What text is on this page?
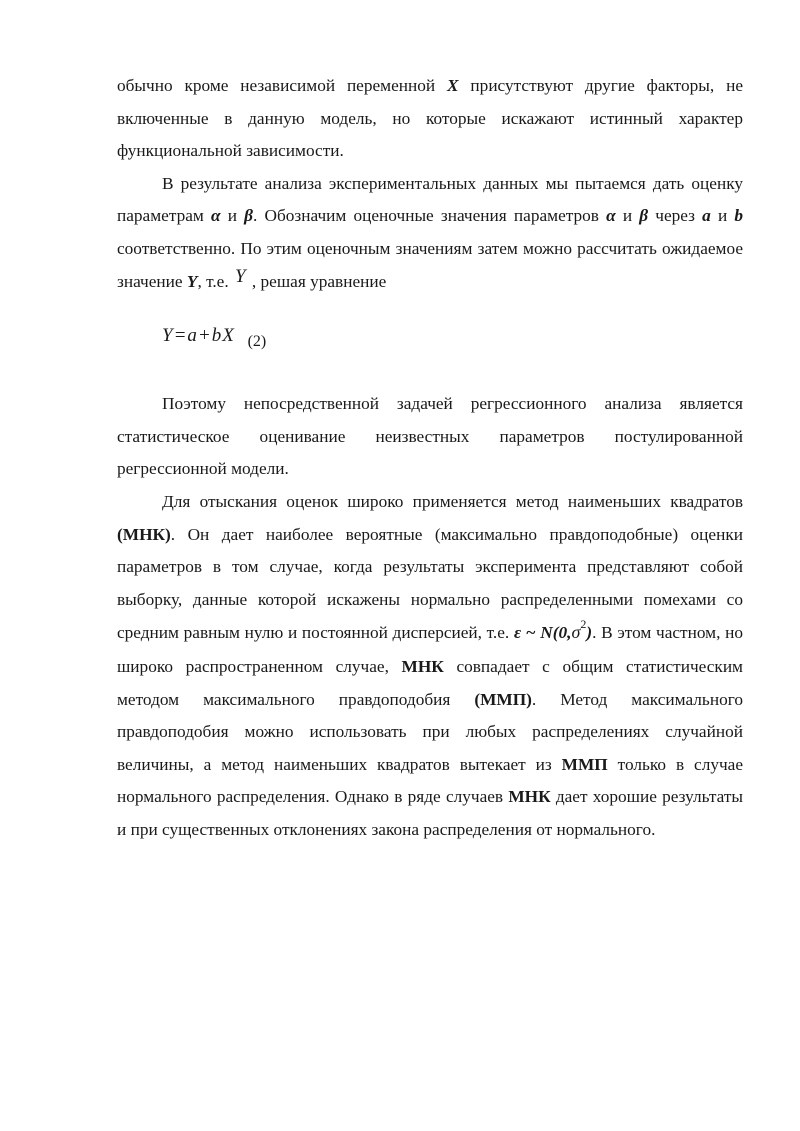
обычно кроме независимой переменной X присутствуют другие факторы, не включенные в данную модель, но которые искажают истинный характер функциональной зависимости.

В результате анализа экспериментальных данных мы пытаемся дать оценку параметрам α и β. Обозначим оценочные значения параметров α и β через a и b соответственно. По этим оценочным значениям затем можно рассчитать ожидаемое значение Y, т.е. Y , решая уравнение

Y=a+bX $_{(2)}$

Поэтому непосредственной задачей регрессионного анализа является статистическое оценивание неизвестных параметров постулированной регрессионной модели.

Для отыскания оценок широко применяется метод наименьших квадратов (МНК). Он дает наиболее вероятные (максимально правдоподобные) оценки параметров в том случае, когда результаты эксперимента представляют собой выборку, данные которой искажены нормально распределенными помехами со средним равным нулю и постоянной дисперсией, т.е. ε ~ $N(0,\sigma^2)$. В этом частном, но широко распространенном случае, МНК совпадает с общим статистическим методом максимального правдоподобия (ММП). Метод максимального правдоподобия можно использовать при любых распределениях случайной величины, а метод наименьших квадратов вытекает из ММП только в случае нормального распределения. Однако в ряде случаев МНК дает хорошие результаты и при существенных отклонениях закона распределения от нормального.
